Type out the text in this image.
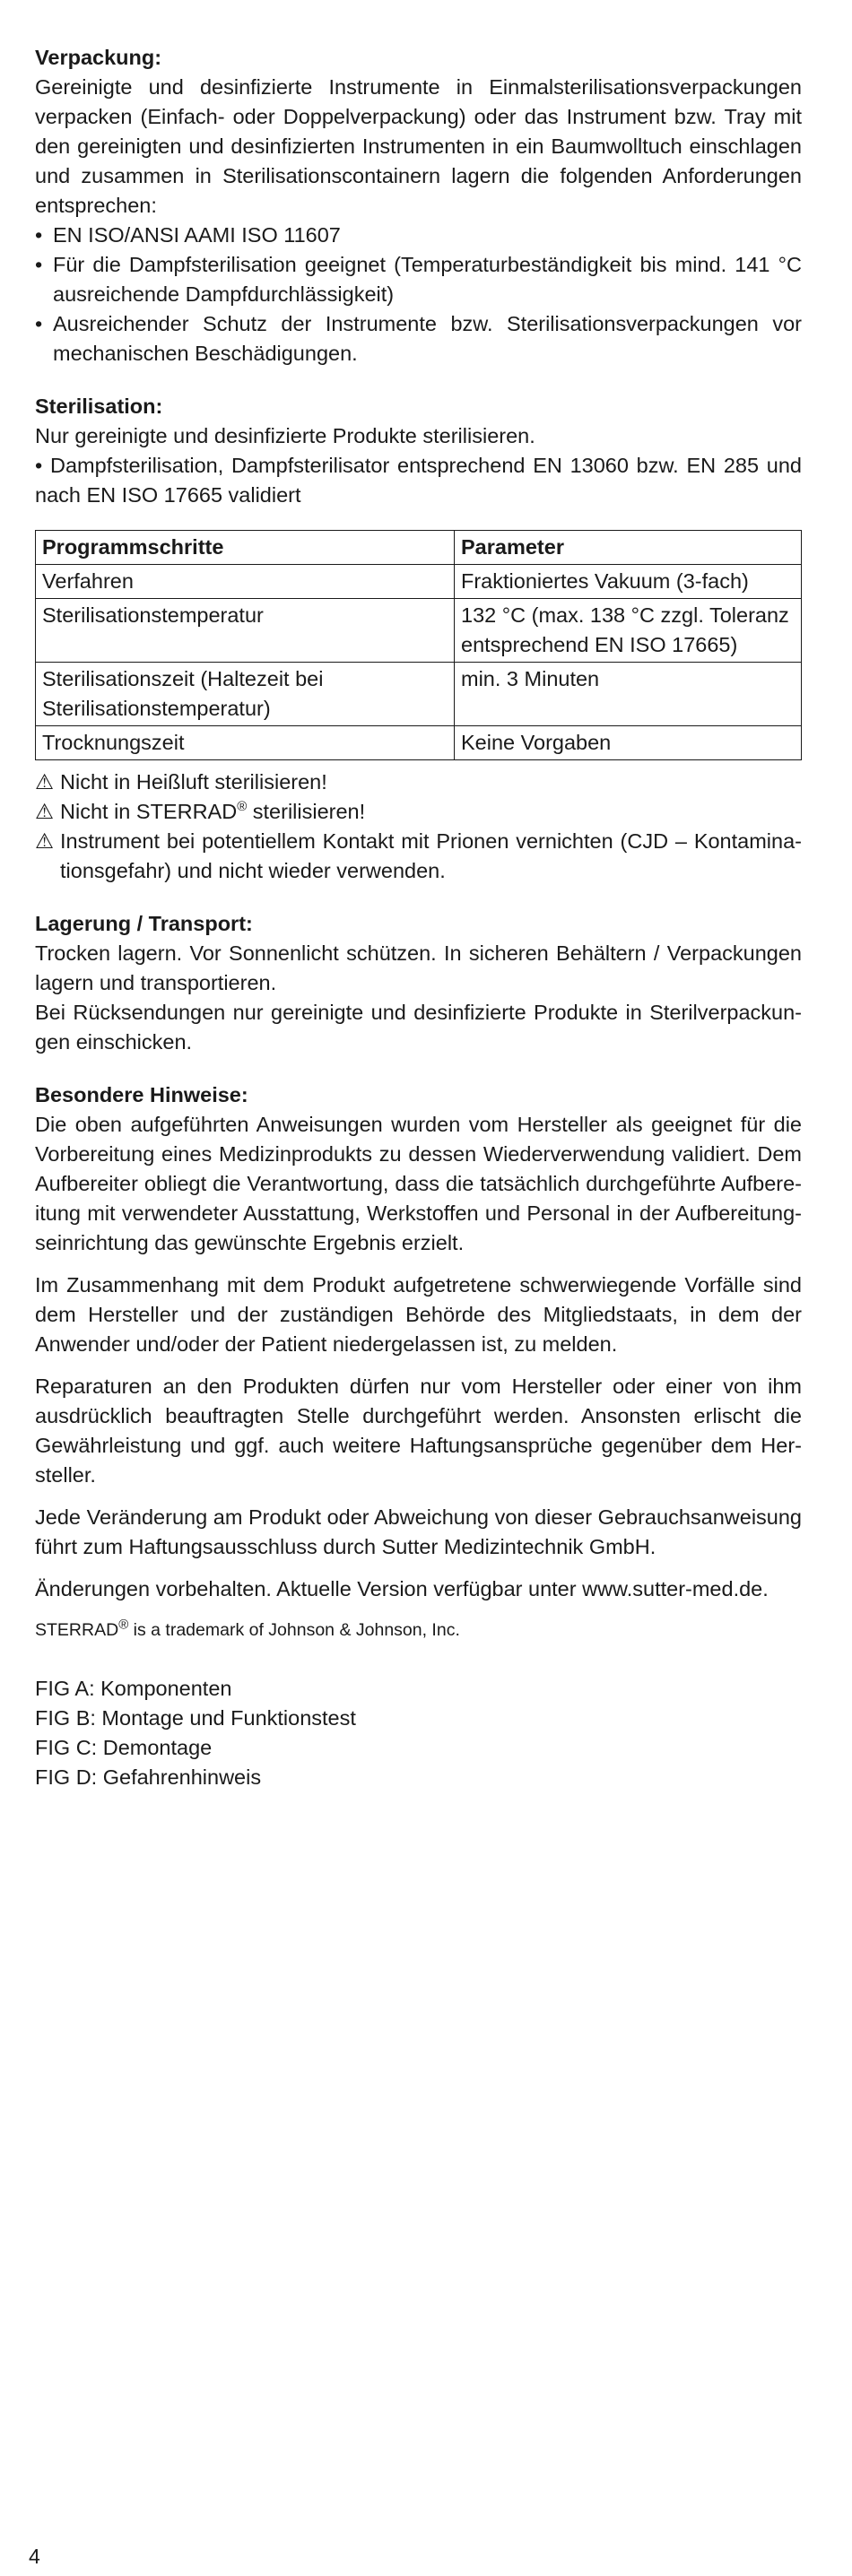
Verpackung:

Gereinigte und desinfizierte Instrumente in Einmalsterilisationsverpackungen verpacken (Einfach- oder Doppelverpackung) oder das Instrument bzw. Tray mit den gereinigten und desinfizierten Instrumenten in ein Baumwolltuch einschlagen und zusammen in Sterilisationscontainern lagern die folgenden Anforderungen entsprechen:

• EN ISO/ANSI AAMI ISO 11607
• Für die Dampfsterilisation geeignet (Temperaturbeständigkeit bis mind. 141 °C ausreichende Dampfdurchlässigkeit)
• Ausreichender Schutz der Instrumente bzw. Sterilisationsverpackungen vor mechanischen Beschädigungen.
Sterilisation:

Nur gereinigte und desinfizierte Produkte sterilisieren.

• Dampfsterilisation, Dampfsterilisator entsprechend EN 13060 bzw. EN 285 und nach EN ISO 17665 validiert

Programmschritte	Parameter
Verfahren	Fraktioniertes Vakuum (3-fach)
Sterilisationstemperatur	132 °C (max. 138 °C zzgl. Toleranz entsprechend EN ISO 17665)
Sterilisationszeit (Haltezeit bei Sterilisationstemperatur)	min. 3 Minuten
Trocknungszeit	Keine Vorgaben
⚠ Nicht in Heißluft sterilisieren!
⚠ Nicht in STERRAD® sterilisieren!
⚠ Instrument bei potentiellem Kontakt mit Prionen vernichten (CJD – Kontamina- tionsgefahr) und nicht wieder verwenden.
Lagerung / Transport:

Trocken lagern. Vor Sonnenlicht schützen. In sicheren Behältern / Verpackungen lagern und transportieren.

Bei Rücksendungen nur gereinigte und desinfizierte Produkte in Sterilverpackun- gen einschicken.

Besondere Hinweise:

Die oben aufgeführten Anweisungen wurden vom Hersteller als geeignet für die Vorbereitung eines Medizinprodukts zu dessen Wiederverwendung validiert. Dem Aufbereiter obliegt die Verantwortung, dass die tatsächlich durchgeführte Aufbere- itung mit verwendeter Ausstattung, Werkstoffen und Personal in der Aufbereitung- seinrichtung das gewünschte Ergebnis erzielt.

Im Zusammenhang mit dem Produkt aufgetretene schwerwiegende Vorfälle sind dem Hersteller und der zuständigen Behörde des Mitgliedstaats, in dem der Anwender und/oder der Patient niedergelassen ist, zu melden.

Reparaturen an den Produkten dürfen nur vom Hersteller oder einer von ihm ausdrücklich beauftragten Stelle durchgeführt werden. Ansonsten erlischt die Gewährleistung und ggf. auch weitere Haftungsansprüche gegenüber dem Her- steller.

Jede Veränderung am Produkt oder Abweichung von dieser Gebrauchsanweisung führt zum Haftungsausschluss durch Sutter Medizintechnik GmbH.

Änderungen vorbehalten. Aktuelle Version verfügbar unter www.sutter-med.de.

STERRAD® is a trademark of Johnson & Johnson, Inc.

FIG A: Komponenten

FIG B: Montage und Funktionstest

FIG C: Demontage

FIG D: Gefahrenhinweis

4
